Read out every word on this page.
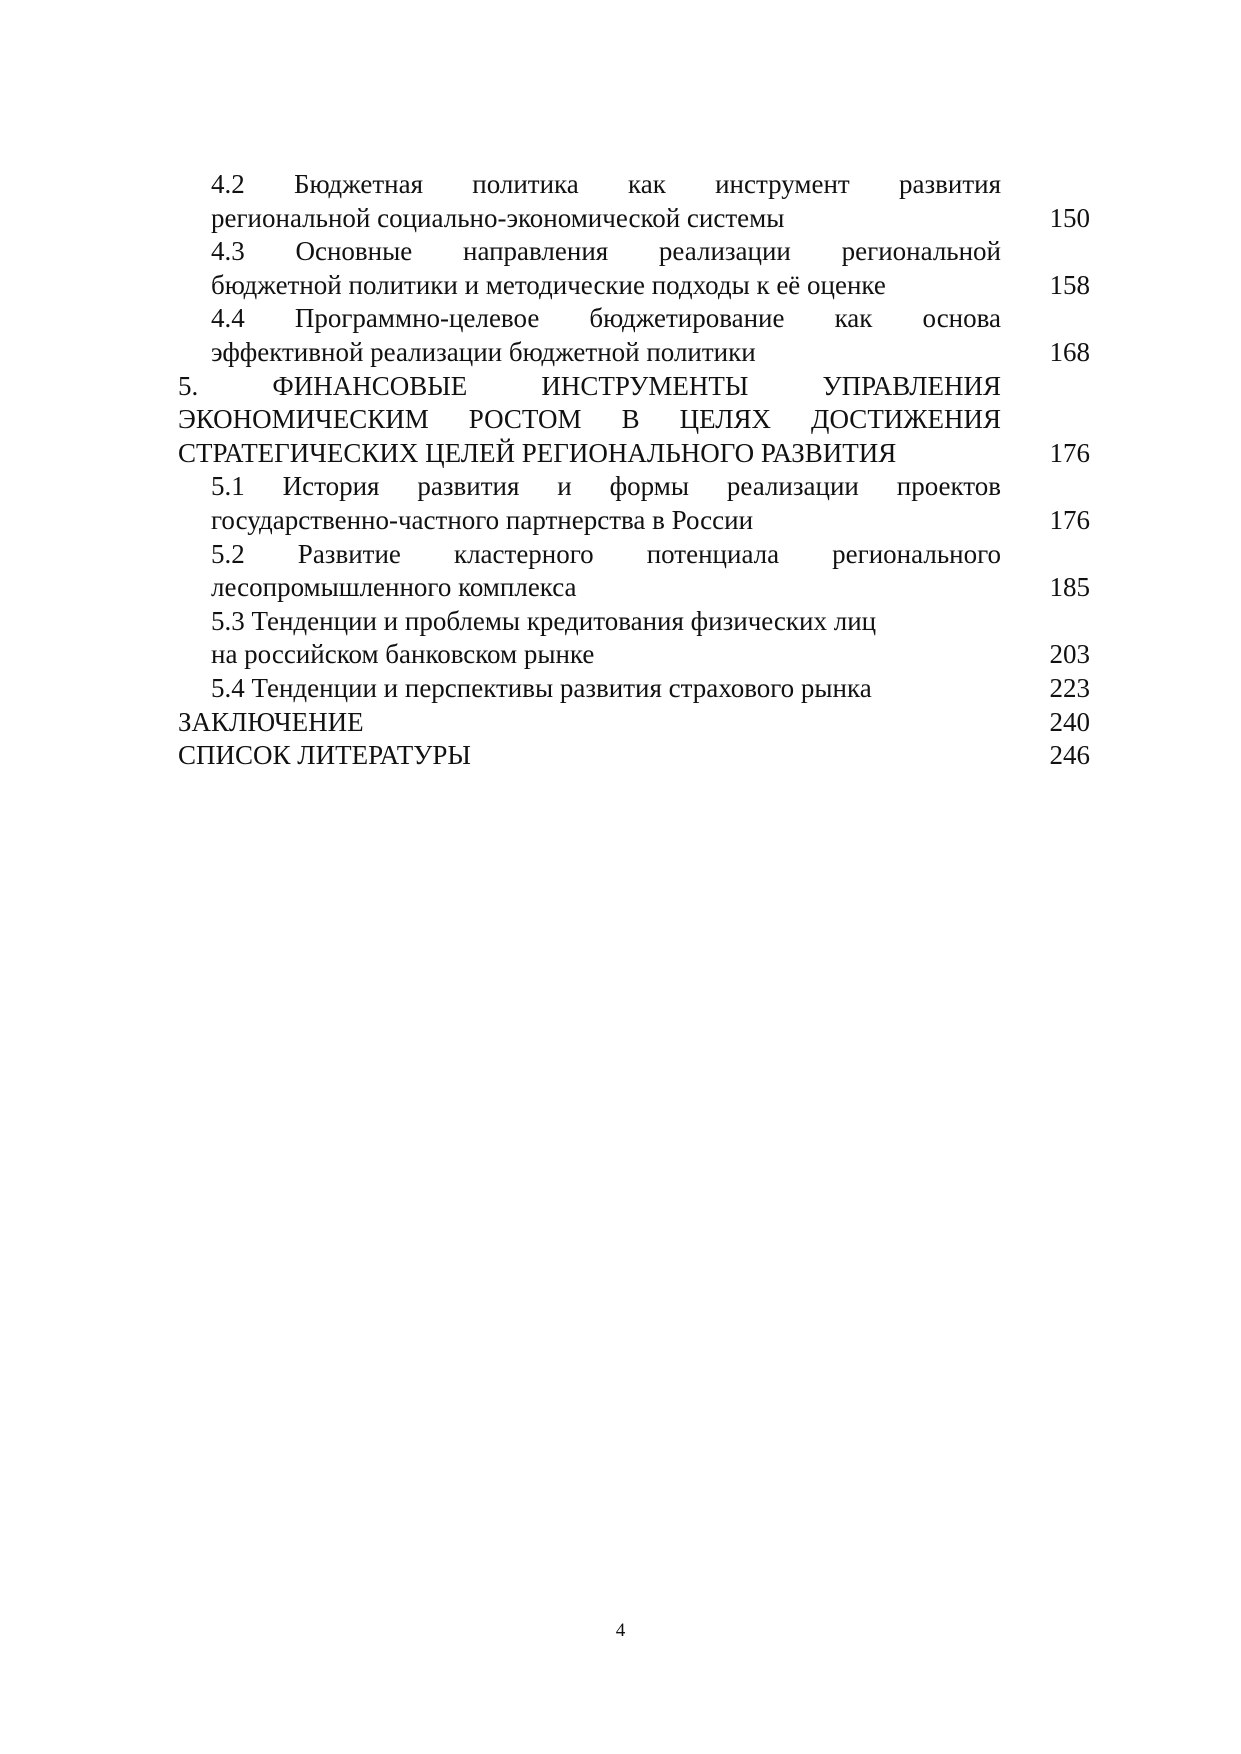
4.2 Бюджетная политика как инструмент развития
региональной социально-экономической системы	150
4.3 Основные направления реализации региональной
бюджетной политики и методические подходы к её оценке	158
4.4 Программно-целевое бюджетирование как основа
эффективной реализации бюджетной политики	168
5. ФИНАНСОВЫЕ ИНСТРУМЕНТЫ УПРАВЛЕНИЯ
ЭКОНОМИЧЕСКИМ РОСТОМ В ЦЕЛЯХ ДОСТИЖЕНИЯ
СТРАТЕГИЧЕСКИХ ЦЕЛЕЙ РЕГИОНАЛЬНОГО РАЗВИТИЯ	176
5.1 История развития и формы реализации проектов
государственно-частного партнерства в России	176
5.2 Развитие кластерного потенциала регионального
лесопромышленного комплекса	185
5.3 Тенденции и проблемы кредитования физических лиц
на российском банковском рынке	203
5.4 Тенденции и перспективы развития страхового рынка	223
ЗАКЛЮЧЕНИЕ	240
СПИСОК ЛИТЕРАТУРЫ	246
4
